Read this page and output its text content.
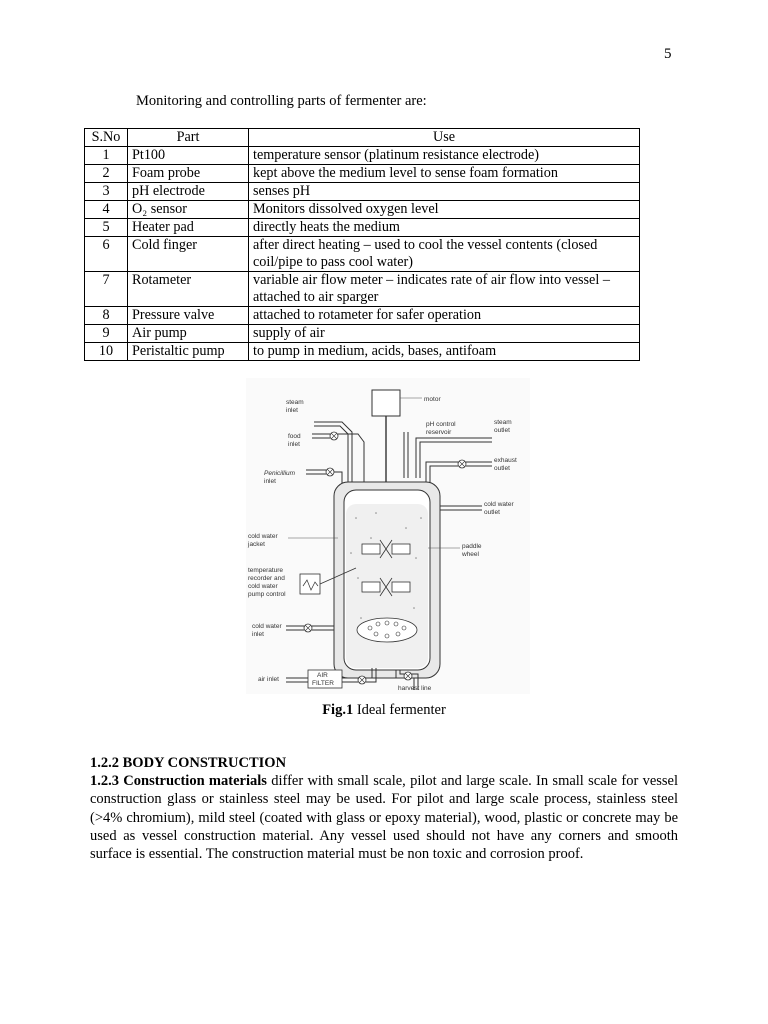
5
Monitoring and controlling parts of fermenter are:
S.No	Part	Use
1	Pt100	temperature sensor (platinum resistance electrode)
2	Foam probe	kept above the medium level to sense foam formation
3	pH electrode	senses pH
4	O₂ sensor	Monitors dissolved oxygen level
5	Heater pad	directly heats the medium
6	Cold finger	after direct heating – used to cool the vessel contents (closed coil/pipe to pass cool water)
7	Rotameter	variable air flow meter – indicates rate of air flow into vessel – attached to air sparger
8	Pressure valve	attached to rotameter for safer operation
9	Air pump	supply of air
10	Peristaltic pump	to pump in medium, acids, bases, antifoam
motor
pH control
reservoir
steam
inlet
food
inlet
steam
outlet
exhaust
outlet
Penicillium
inlet
cold water
outlet
cold water
jacket	paddle
wheel
temperature
recorder and
cold water
pump control
cold water
inlet
AIR
FILTER
air inlet
harvest line
Fig.1 Ideal fermenter
1.2.2 BODY CONSTRUCTION
1.2.3 Construction materials differ with small scale, pilot and large scale. In small scale for vessel construction glass or stainless steel may be used. For pilot and large scale process, stainless steel (>4% chromium), mild steel (coated with glass or epoxy material), wood, plastic or concrete may be used as vessel construction material. Any vessel used should not have any corners and smooth surface is essential. The construction material must be non toxic and corrosion proof.
